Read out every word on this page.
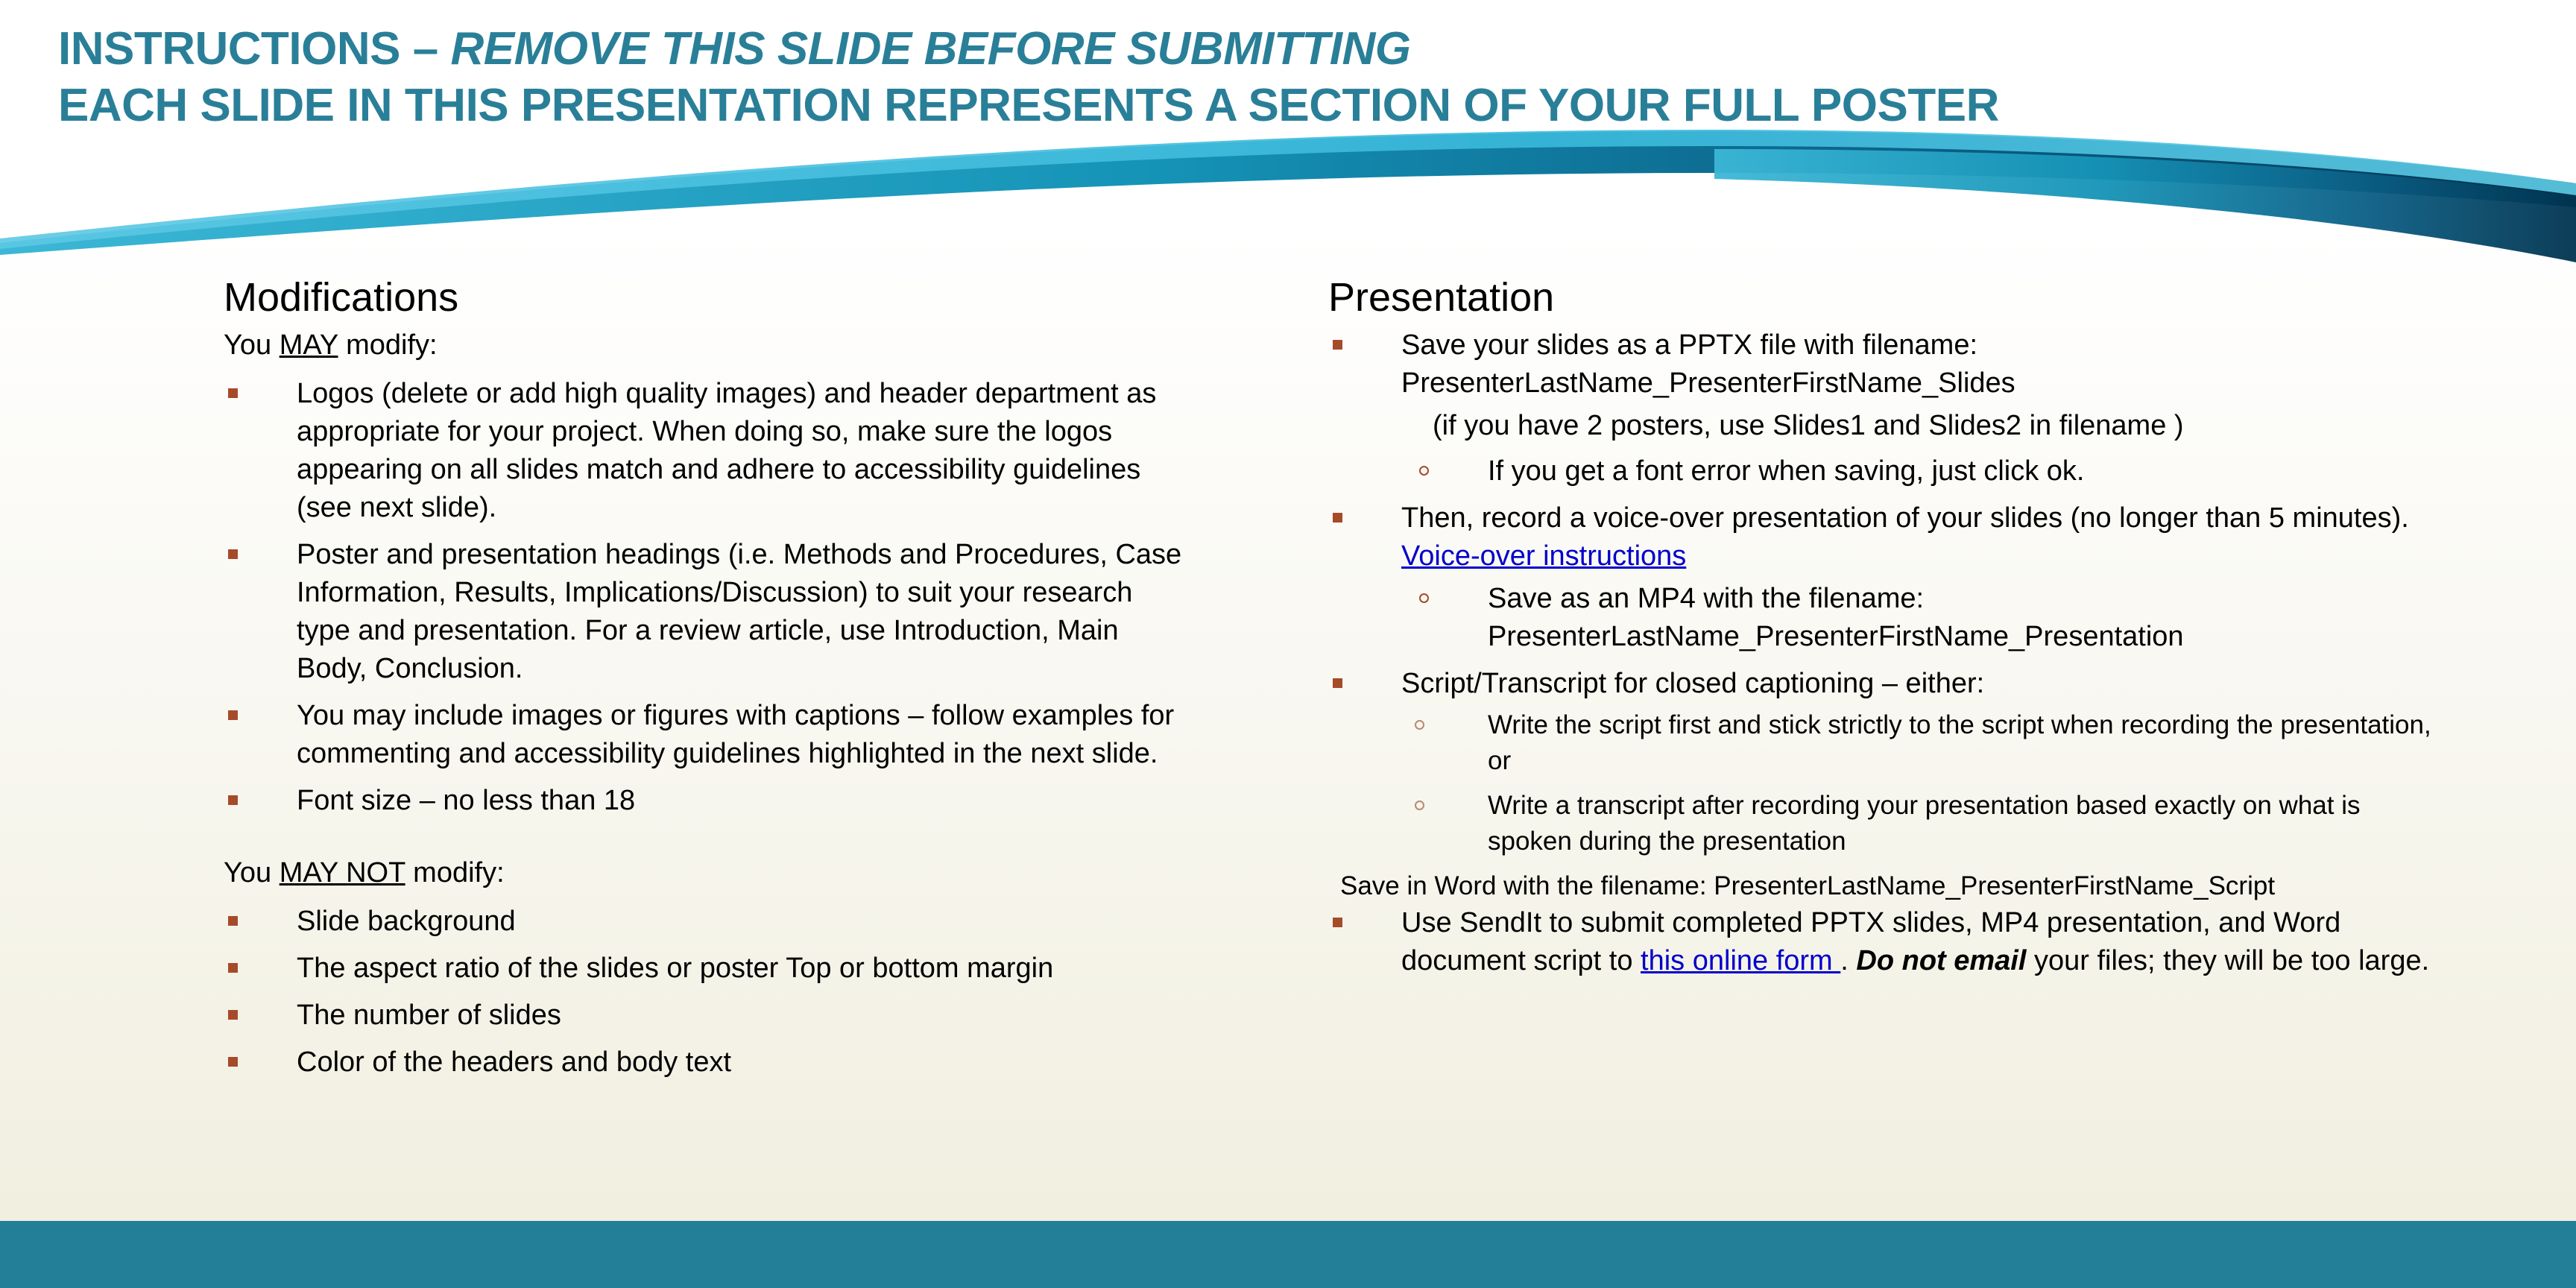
INSTRUCTIONS – REMOVE THIS SLIDE BEFORE SUBMITTING
EACH SLIDE IN THIS PRESENTATION REPRESENTS A SECTION OF YOUR FULL POSTER
Modifications
You MAY modify:
Logos (delete or add high quality images) and header department as appropriate for your project. When doing so, make sure the logos appearing on all slides match and adhere to accessibility guidelines (see next slide).
Poster and presentation headings (i.e. Methods and Procedures, Case Information, Results, Implications/Discussion) to suit your research type and presentation. For a review article, use Introduction, Main Body, Conclusion.
You may include images or figures with captions – follow examples for commenting and accessibility guidelines highlighted in the next slide.
Font size – no less than 18
You MAY NOT modify:
Slide background
The aspect ratio of the slides or poster Top or bottom margin
The number of slides
Color of the headers and body text
Presentation
Save your slides as a PPTX file with filename:
PresenterLastName_PresenterFirstName_Slides
(if you have 2 posters, use Slides1 and Slides2 in filename )
If you get a font error when saving, just click ok.
Then, record a voice-over presentation of your slides (no longer than 5 minutes). Voice-over instructions
Save as an MP4 with the filename:
PresenterLastName_PresenterFirstName_Presentation
Script/Transcript for closed captioning – either:
Write the script first and stick strictly to the script when recording the presentation, or
Write a transcript after recording your presentation based exactly on what is spoken during the presentation
Save in Word with the filename: PresenterLastName_PresenterFirstName_Script
Use SendIt to submit completed PPTX slides, MP4 presentation, and Word document script to this online form . Do not email your files; they will be too large.
